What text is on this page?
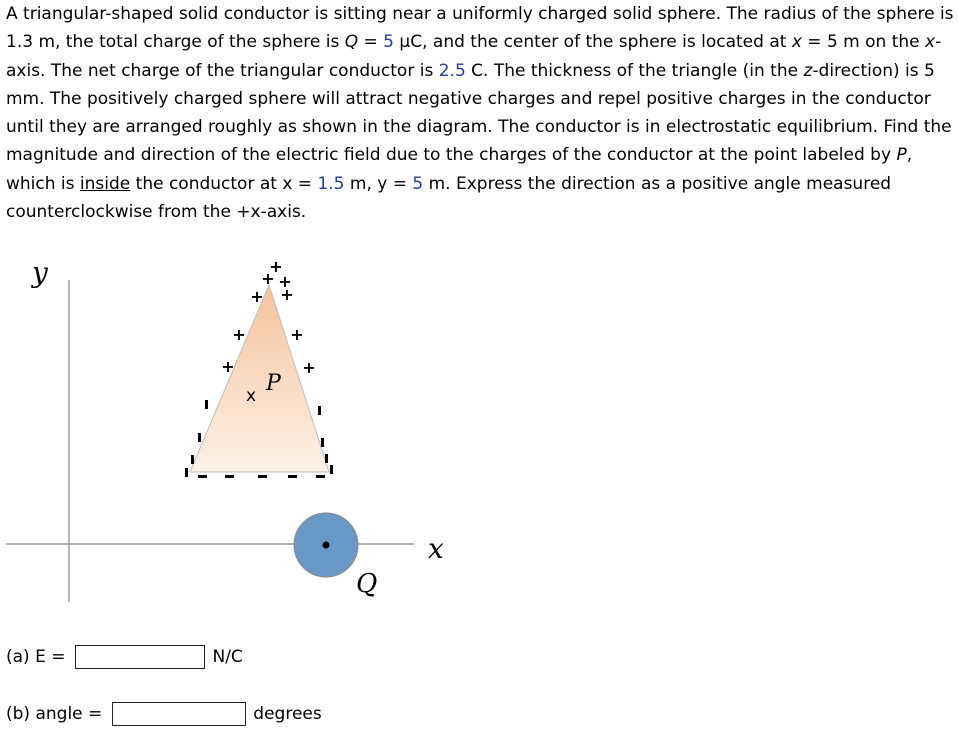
A triangular-shaped solid conductor is sitting near a uniformly charged solid sphere. The radius of the sphere is 1.3 m, the total charge of the sphere is Q = 5 μC, and the center of the sphere is located at x = 5 m on the x-axis. The net charge of the triangular conductor is 2.5 C. The thickness of the triangle (in the z-direction) is 5 mm. The positively charged sphere will attract negative charges and repel positive charges in the conductor until they are arranged roughly as shown in the diagram. The conductor is in electrostatic equilibrium. Find the magnitude and direction of the electric field due to the charges of the conductor at the point labeled by P, which is inside the conductor at x = 1.5 m, y = 5 m. Express the direction as a positive angle measured counterclockwise from the +x-axis.
y
x
+
+ +
+ +
+	+
+	+
x P
Q
(a) E =	N/C
(b) angle =	degrees
